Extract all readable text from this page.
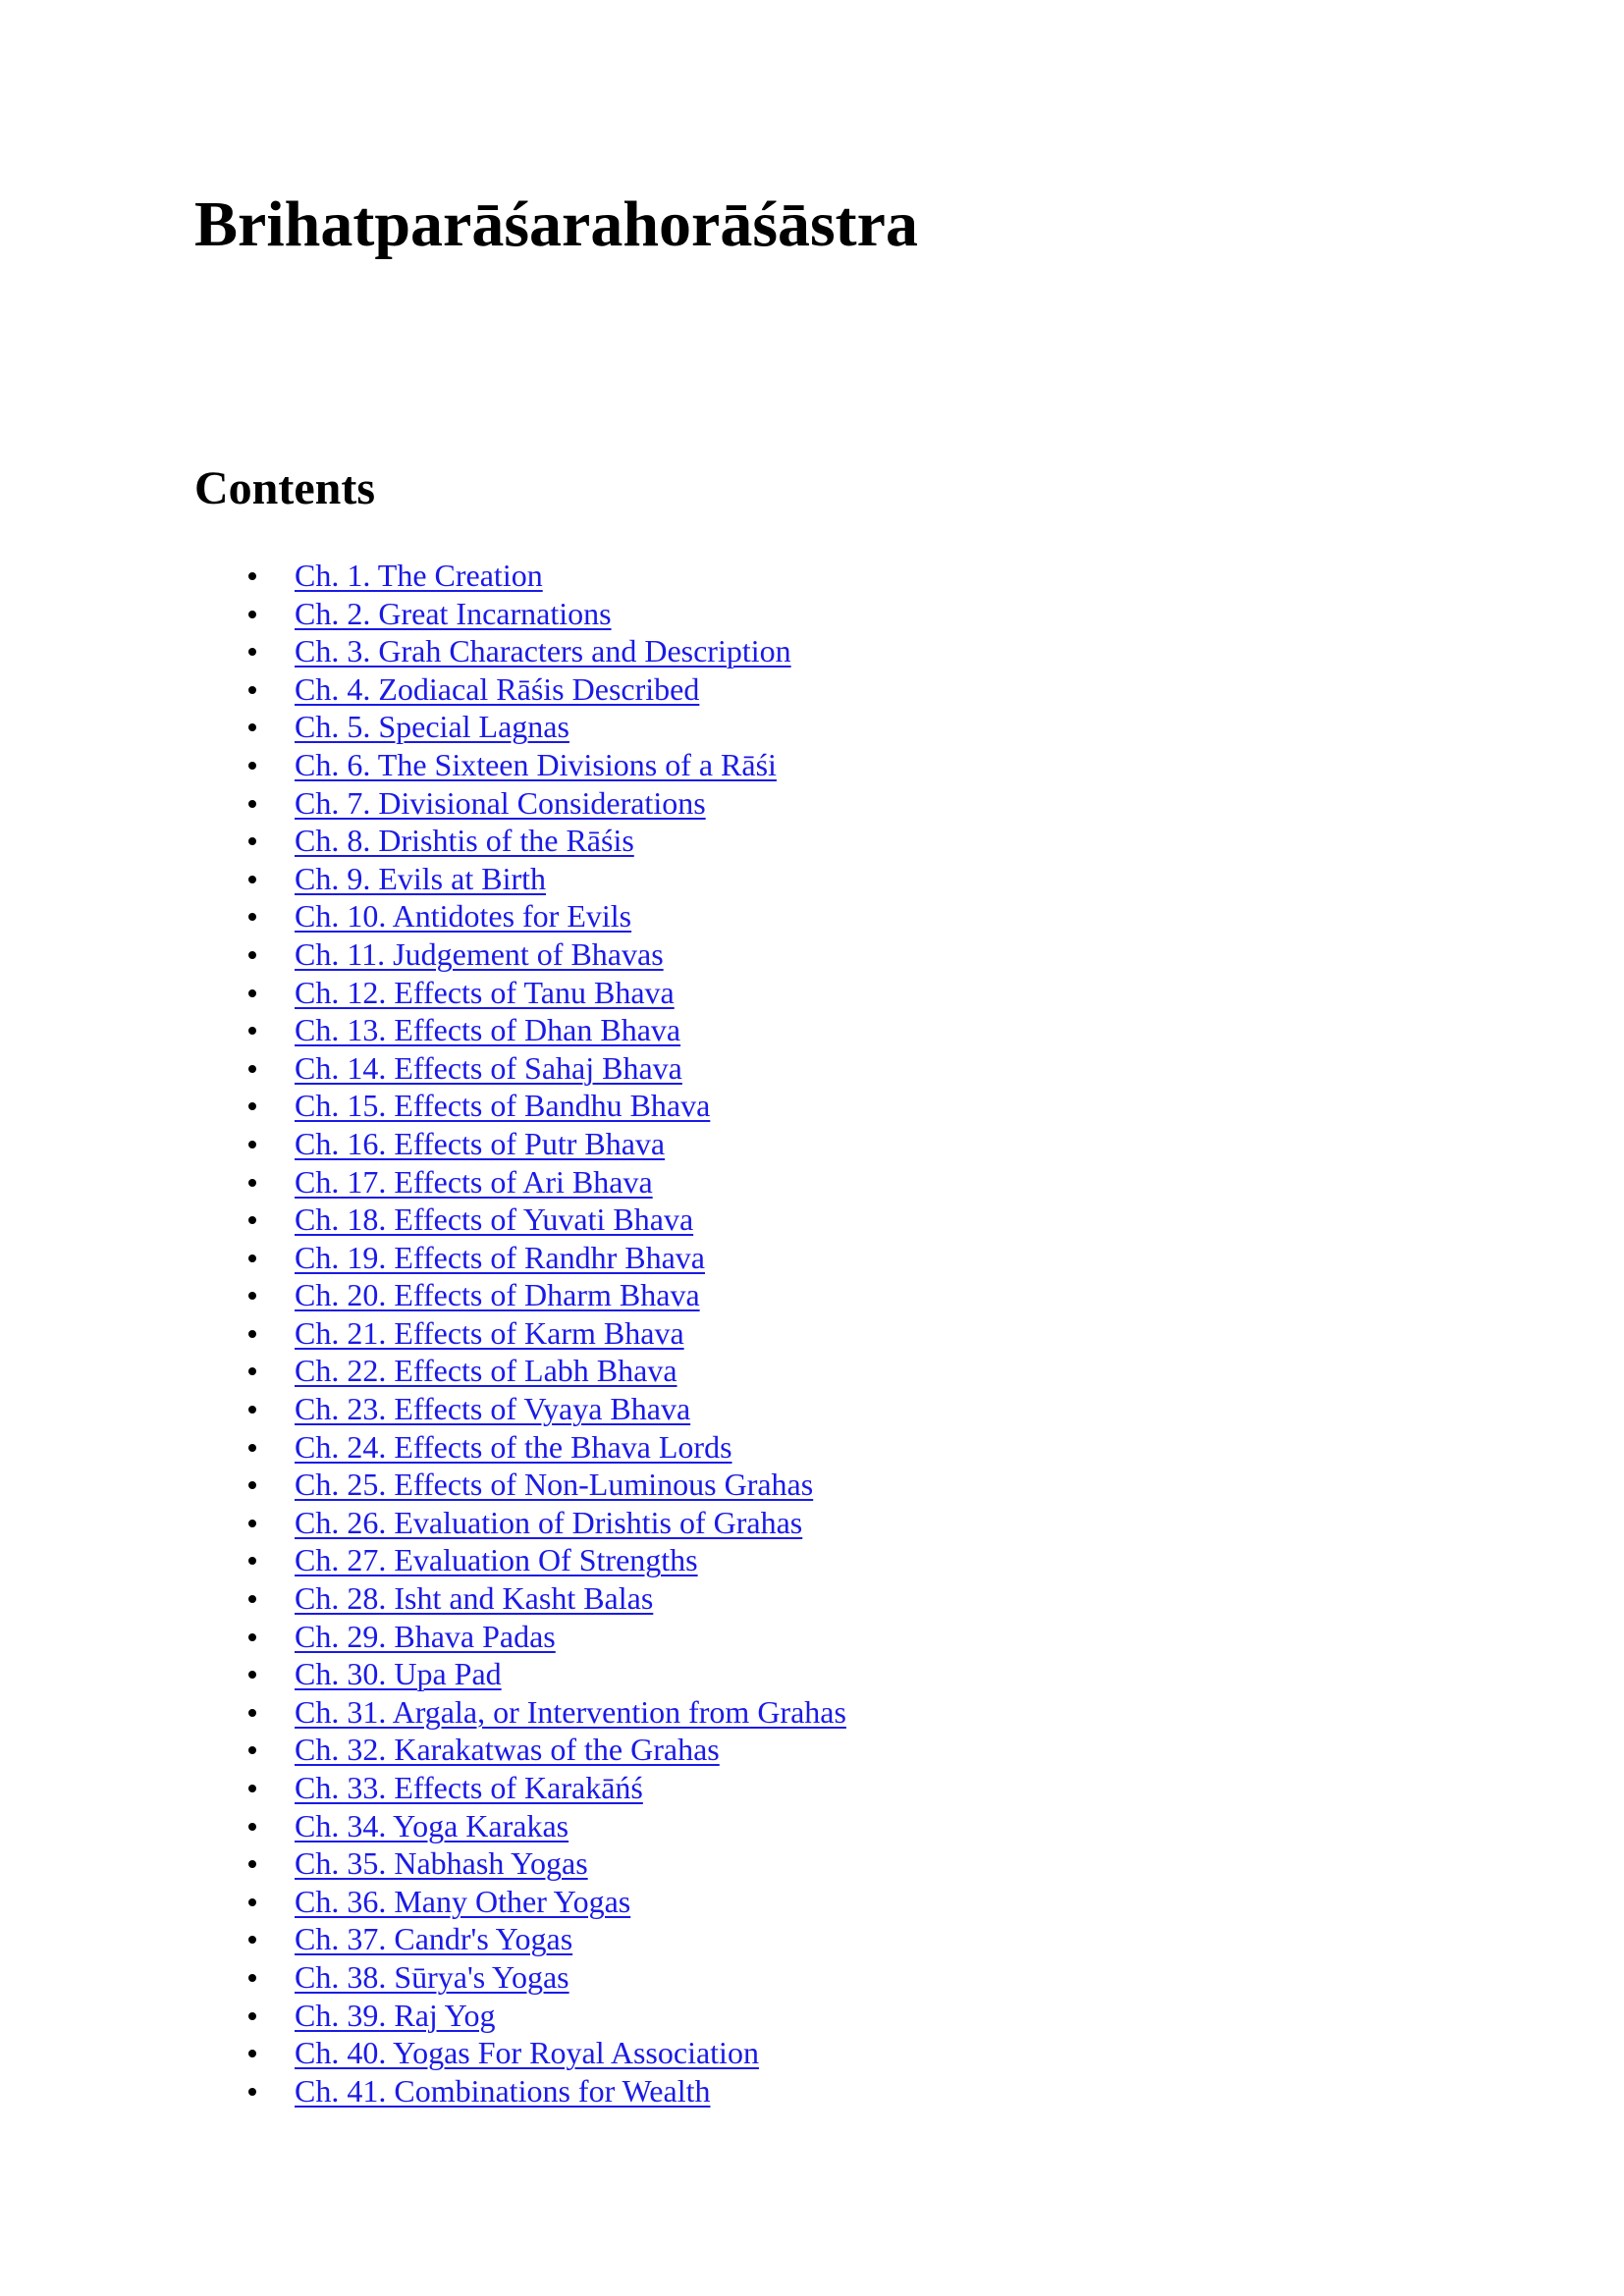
Brihatparāśarahorāśāstra
Contents
Ch. 1. The Creation
Ch. 2. Great Incarnations
Ch. 3. Grah Characters and Description
Ch. 4. Zodiacal Rāśis Described
Ch. 5. Special Lagnas
Ch. 6. The Sixteen Divisions of a Rāśi
Ch. 7. Divisional Considerations
Ch. 8. Drishtis of the Rāśis
Ch. 9. Evils at Birth
Ch. 10. Antidotes for Evils
Ch. 11. Judgement of Bhavas
Ch. 12. Effects of Tanu Bhava
Ch. 13. Effects of Dhan Bhava
Ch. 14. Effects of Sahaj Bhava
Ch. 15. Effects of Bandhu Bhava
Ch. 16. Effects of Putr Bhava
Ch. 17. Effects of Ari Bhava
Ch. 18. Effects of Yuvati Bhava
Ch. 19. Effects of Randhr Bhava
Ch. 20. Effects of Dharm Bhava
Ch. 21. Effects of Karm Bhava
Ch. 22. Effects of Labh Bhava
Ch. 23. Effects of Vyaya Bhava
Ch. 24. Effects of the Bhava Lords
Ch. 25. Effects of Non-Luminous Grahas
Ch. 26. Evaluation of Drishtis of Grahas
Ch. 27. Evaluation Of Strengths
Ch. 28. Isht and Kasht Balas
Ch. 29. Bhava Padas
Ch. 30. Upa Pad
Ch. 31. Argala, or Intervention from Grahas
Ch. 32. Karakatwas of the Grahas
Ch. 33. Effects of Karakāńś
Ch. 34. Yoga Karakas
Ch. 35. Nabhash Yogas
Ch. 36. Many Other Yogas
Ch. 37. Candr's Yogas
Ch. 38. Sūrya's Yogas
Ch. 39. Raj Yog
Ch. 40. Yogas For Royal Association
Ch. 41. Combinations for Wealth
